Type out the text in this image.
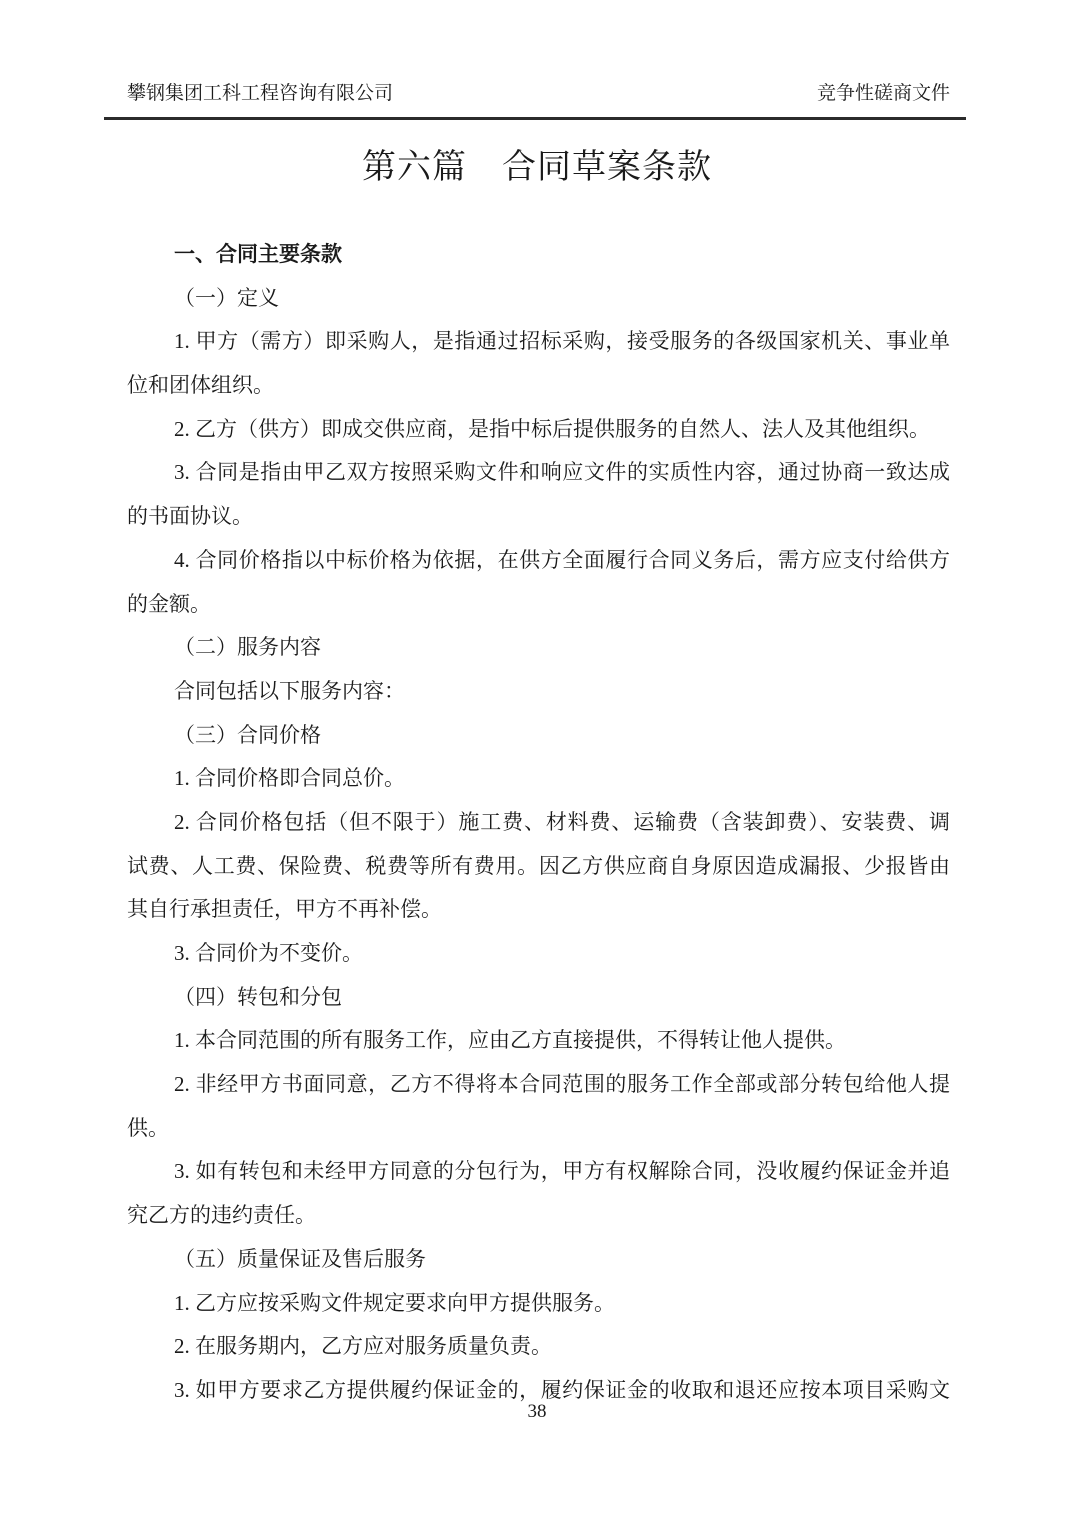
攀钢集团工科工程咨询有限公司	竞争性磋商文件
第六篇　合同草案条款
一、合同主要条款
（一）定义
1. 甲方（需方）即采购人，是指通过招标采购，接受服务的各级国家机关、事业单
位和团体组织。
2. 乙方（供方）即成交供应商，是指中标后提供服务的自然人、法人及其他组织。
3. 合同是指由甲乙双方按照采购文件和响应文件的实质性内容，通过协商一致达成
的书面协议。
4. 合同价格指以中标价格为依据，在供方全面履行合同义务后，需方应支付给供方
的金额。
（二）服务内容
合同包括以下服务内容：
（三）合同价格
1. 合同价格即合同总价。
2. 合同价格包括（但不限于）施工费、材料费、运输费（含装卸费）、安装费、调
试费、人工费、保险费、税费等所有费用。因乙方供应商自身原因造成漏报、少报皆由
其自行承担责任，甲方不再补偿。
3. 合同价为不变价。
（四）转包和分包
1. 本合同范围的所有服务工作，应由乙方直接提供，不得转让他人提供。
2. 非经甲方书面同意，乙方不得将本合同范围的服务工作全部或部分转包给他人提
供。
3. 如有转包和未经甲方同意的分包行为，甲方有权解除合同，没收履约保证金并追
究乙方的违约责任。
（五）质量保证及售后服务
1. 乙方应按采购文件规定要求向甲方提供服务。
2. 在服务期内，乙方应对服务质量负责。
3. 如甲方要求乙方提供履约保证金的，履约保证金的收取和退还应按本项目采购文
38
